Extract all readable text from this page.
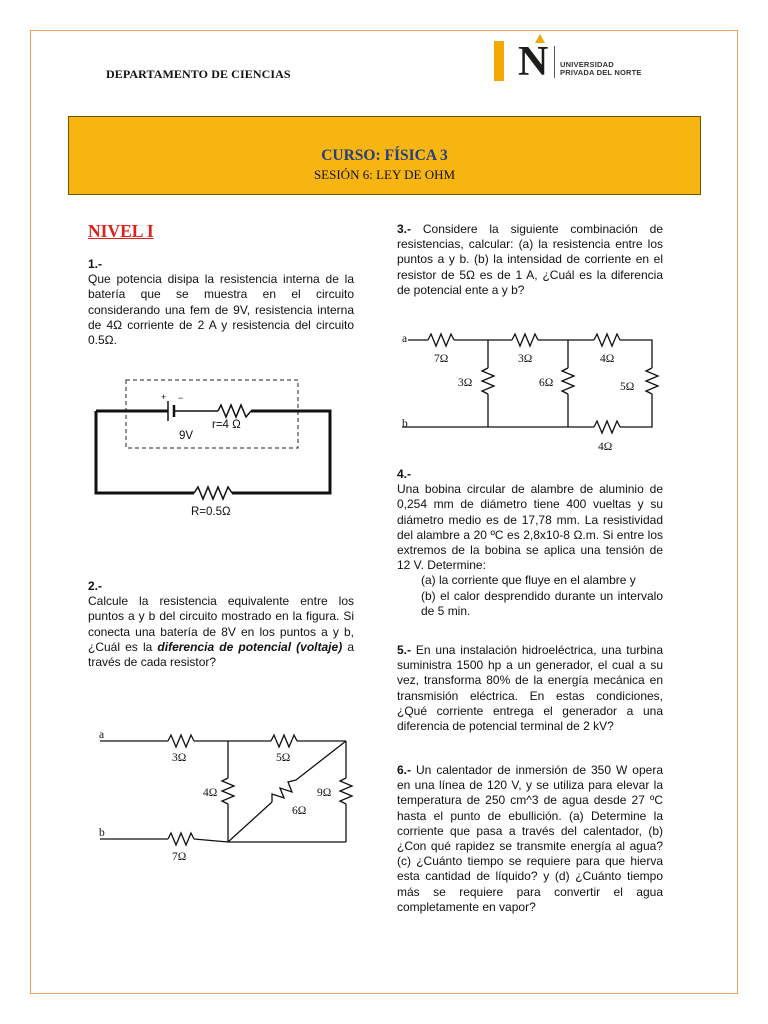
DEPARTAMENTO DE CIENCIAS	N UNIVERSIDAD
PRIVADA DEL NORTE
CURSO: FÍSICA 3
SESIÓN 6: LEY DE OHM
NIVEL I
1.-
Que potencia disipa la resistencia interna de la batería que se muestra en el circuito considerando una fem de 9V, resistencia interna de 4Ω corriente de 2 A y resistencia del circuito 0.5Ω.
+ −
9V
r=4 Ω
R=0.5Ω
2.-
Calcule la resistencia equivalente entre los puntos a y b del circuito mostrado en la figura. Si conecta una batería de 8V en los puntos a y b, ¿Cuál es la diferencia de potencial (voltaje) a través de cada resistor?
a
b
3Ω	5Ω
4Ω
6Ω
9Ω
7Ω
3.- Considere la siguiente combinación de resistencias, calcular: (a) la resistencia entre los puntos a y b. (b) la intensidad de corriente en el resistor de 5Ω es de 1 A, ¿Cuál es la diferencia de potencial ente a y b?
a
b
7Ω	3Ω	4Ω
3Ω	6Ω	5Ω
4Ω
4.-
Una bobina circular de alambre de aluminio de 0,254 mm de diámetro tiene 400 vueltas y su diámetro medio es de 17,78 mm. La resistividad del alambre a 20 ºC es 2,8x10-8 Ω.m. Si entre los extremos de la bobina se aplica una tensión de 12 V. Determine:
(a) la corriente que fluye en el alambre y
(b) el calor desprendido durante un intervalo de 5 min.
5.- En una instalación hidroeléctrica, una turbina suministra 1500 hp a un generador, el cual a su vez, transforma 80% de la energía mecánica en transmisión eléctrica. En estas condiciones, ¿Qué corriente entrega el generador a una diferencia de potencial terminal de 2 kV?
6.- Un calentador de inmersión de 350 W opera en una línea de 120 V, y se utiliza para elevar la temperatura de 250 cm^3 de agua desde 27 ºC hasta el punto de ebullición. (a) Determine la corriente que pasa a través del calentador, (b) ¿Con qué rapidez se transmite energía al agua? (c) ¿Cuánto tiempo se requiere para que hierva esta cantidad de líquido? y (d) ¿Cuánto tiempo más se requiere para convertir el agua completamente en vapor?
